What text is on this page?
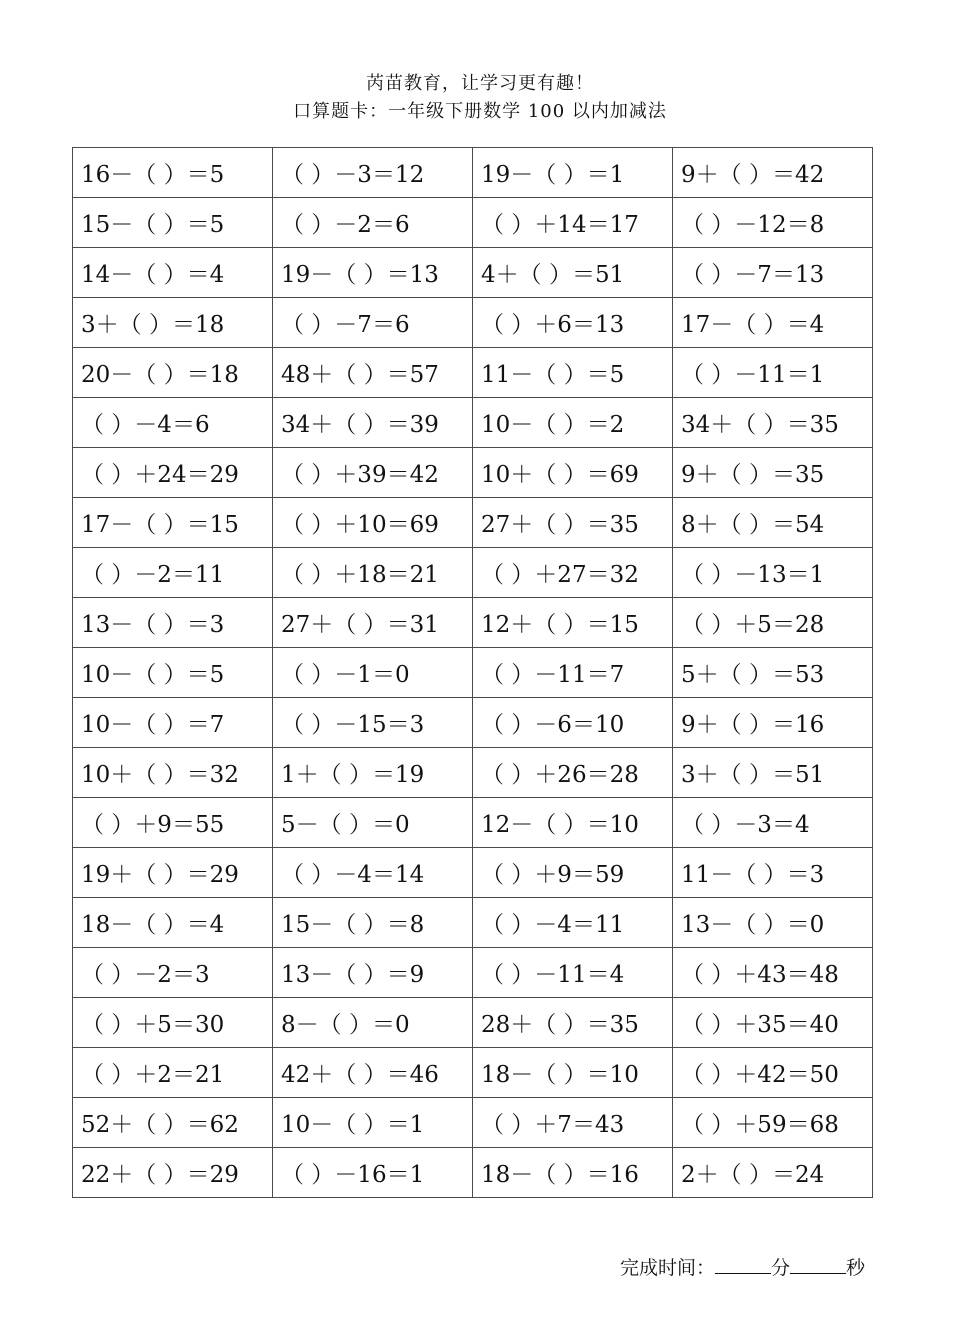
芮苗教育，让学习更有趣！
口算题卡：一年级下册数学 100 以内加减法
16－（ ）＝5	（ ）－3＝12	19－（ ）＝1	9＋（ ）＝42
15－（ ）＝5	（ ）－2＝6	（ ）＋14＝17	（ ）－12＝8
14－（ ）＝4	19－（ ）＝13	4＋（ ）＝51	（ ）－7＝13
3＋（ ）＝18	（ ）－7＝6	（ ）＋6＝13	17－（ ）＝4
20－（ ）＝18	48＋（ ）＝57	11－（ ）＝5	（ ）－11＝1
（ ）－4＝6	34＋（ ）＝39	10－（ ）＝2	34＋（ ）＝35
（ ）＋24＝29	（ ）＋39＝42	10＋（ ）＝69	9＋（ ）＝35
17－（ ）＝15	（ ）＋10＝69	27＋（ ）＝35	8＋（ ）＝54
（ ）－2＝11	（ ）＋18＝21	（ ）＋27＝32	（ ）－13＝1
13－（ ）＝3	27＋（ ）＝31	12＋（ ）＝15	（ ）＋5＝28
10－（ ）＝5	（ ）－1＝0	（ ）－11＝7	5＋（ ）＝53
10－（ ）＝7	（ ）－15＝3	（ ）－6＝10	9＋（ ）＝16
10＋（ ）＝32	1＋（ ）＝19	（ ）＋26＝28	3＋（ ）＝51
（ ）＋9＝55	5－（ ）＝0	12－（ ）＝10	（ ）－3＝4
19＋（ ）＝29	（ ）－4＝14	（ ）＋9＝59	11－（ ）＝3
18－（ ）＝4	15－（ ）＝8	（ ）－4＝11	13－（ ）＝0
（ ）－2＝3	13－（ ）＝9	（ ）－11＝4	（ ）＋43＝48
（ ）＋5＝30	8－（ ）＝0	28＋（ ）＝35	（ ）＋35＝40
（ ）＋2＝21	42＋（ ）＝46	18－（ ）＝10	（ ）＋42＝50
52＋（ ）＝62	10－（ ）＝1	（ ）＋7＝43	（ ）＋59＝68
22＋（ ）＝29	（ ）－16＝1	18－（ ）＝16	2＋（ ）＝24
完成时间：	分	秒
